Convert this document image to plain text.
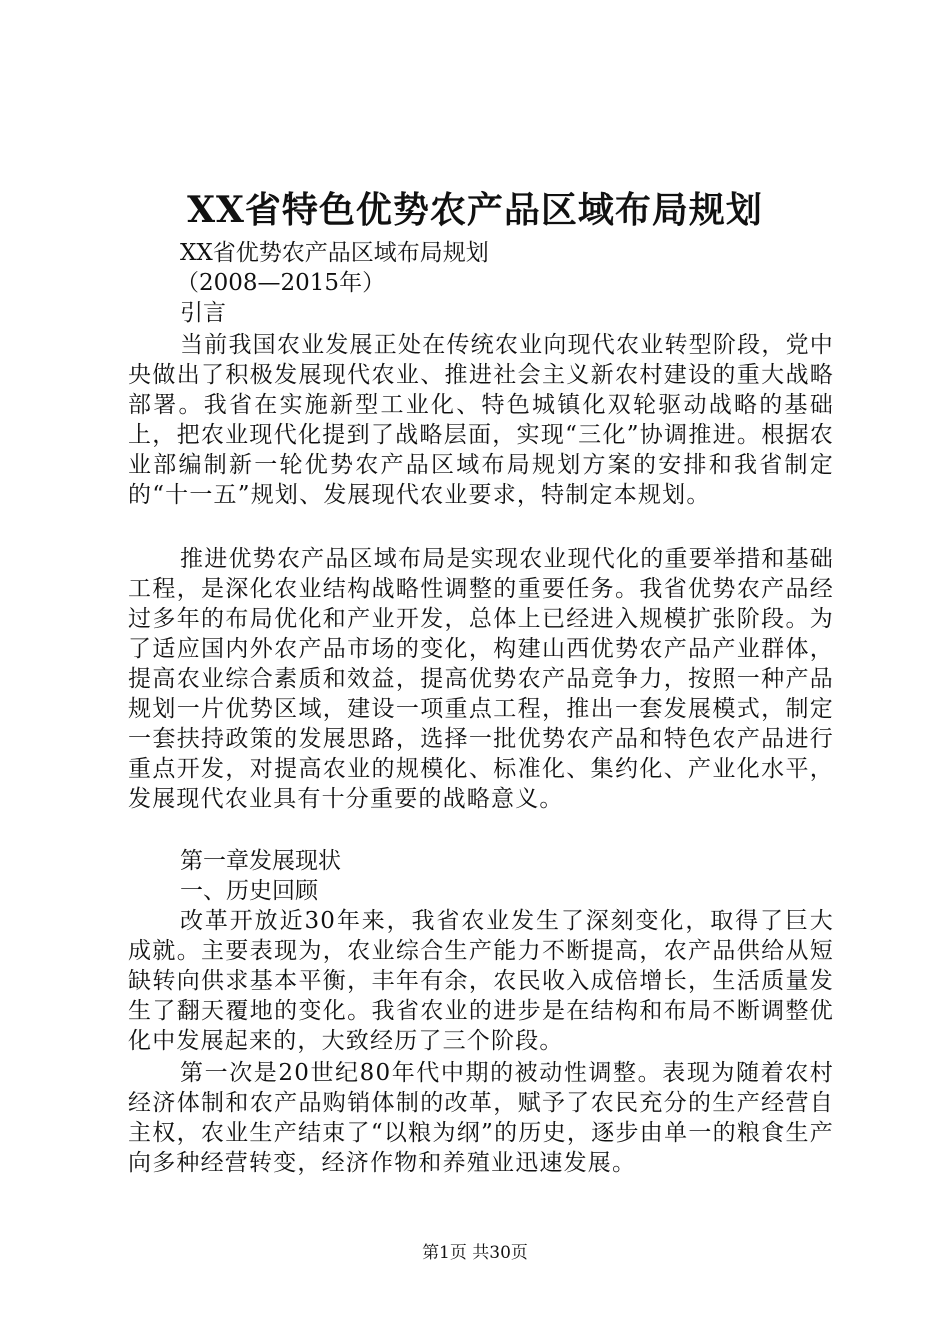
XX省特色优势农产品区域布局规划
XX省优势农产品区域布局规划
（2008—2015年）
引言
当前我国农业发展正处在传统农业向现代农业转型阶段，党中央做出了积极发展现代农业、推进社会主义新农村建设的重大战略部署。我省在实施新型工业化、特色城镇化双轮驱动战略的基础上，把农业现代化提到了战略层面，实现“三化”协调推进。根据农业部编制新一轮优势农产品区域布局规划方案的安排和我省制定的“十一五”规划、发展现代农业要求，特制定本规划。
推进优势农产品区域布局是实现农业现代化的重要举措和基础工程，是深化农业结构战略性调整的重要任务。我省优势农产品经过多年的布局优化和产业开发，总体上已经进入规模扩张阶段。为了适应国内外农产品市场的变化，构建山西优势农产品产业群体，提高农业综合素质和效益，提高优势农产品竞争力，按照一种产品规划一片优势区域，建设一项重点工程，推出一套发展模式，制定一套扶持政策的发展思路，选择一批优势农产品和特色农产品进行重点开发，对提高农业的规模化、标准化、集约化、产业化水平，发展现代农业具有十分重要的战略意义。
第一章发展现状
一、历史回顾
改革开放近30年来，我省农业发生了深刻变化，取得了巨大成就。主要表现为，农业综合生产能力不断提高，农产品供给从短缺转向供求基本平衡，丰年有余，农民收入成倍增长，生活质量发生了翻天覆地的变化。我省农业的进步是在结构和布局不断调整优化中发展起来的，大致经历了三个阶段。
第一次是20世纪80年代中期的被动性调整。表现为随着农村经济体制和农产品购销体制的改革，赋予了农民充分的生产经营自主权，农业生产结束了“以粮为纲”的历史，逐步由单一的粮食生产向多种经营转变，经济作物和养殖业迅速发展。
第1页 共30页
